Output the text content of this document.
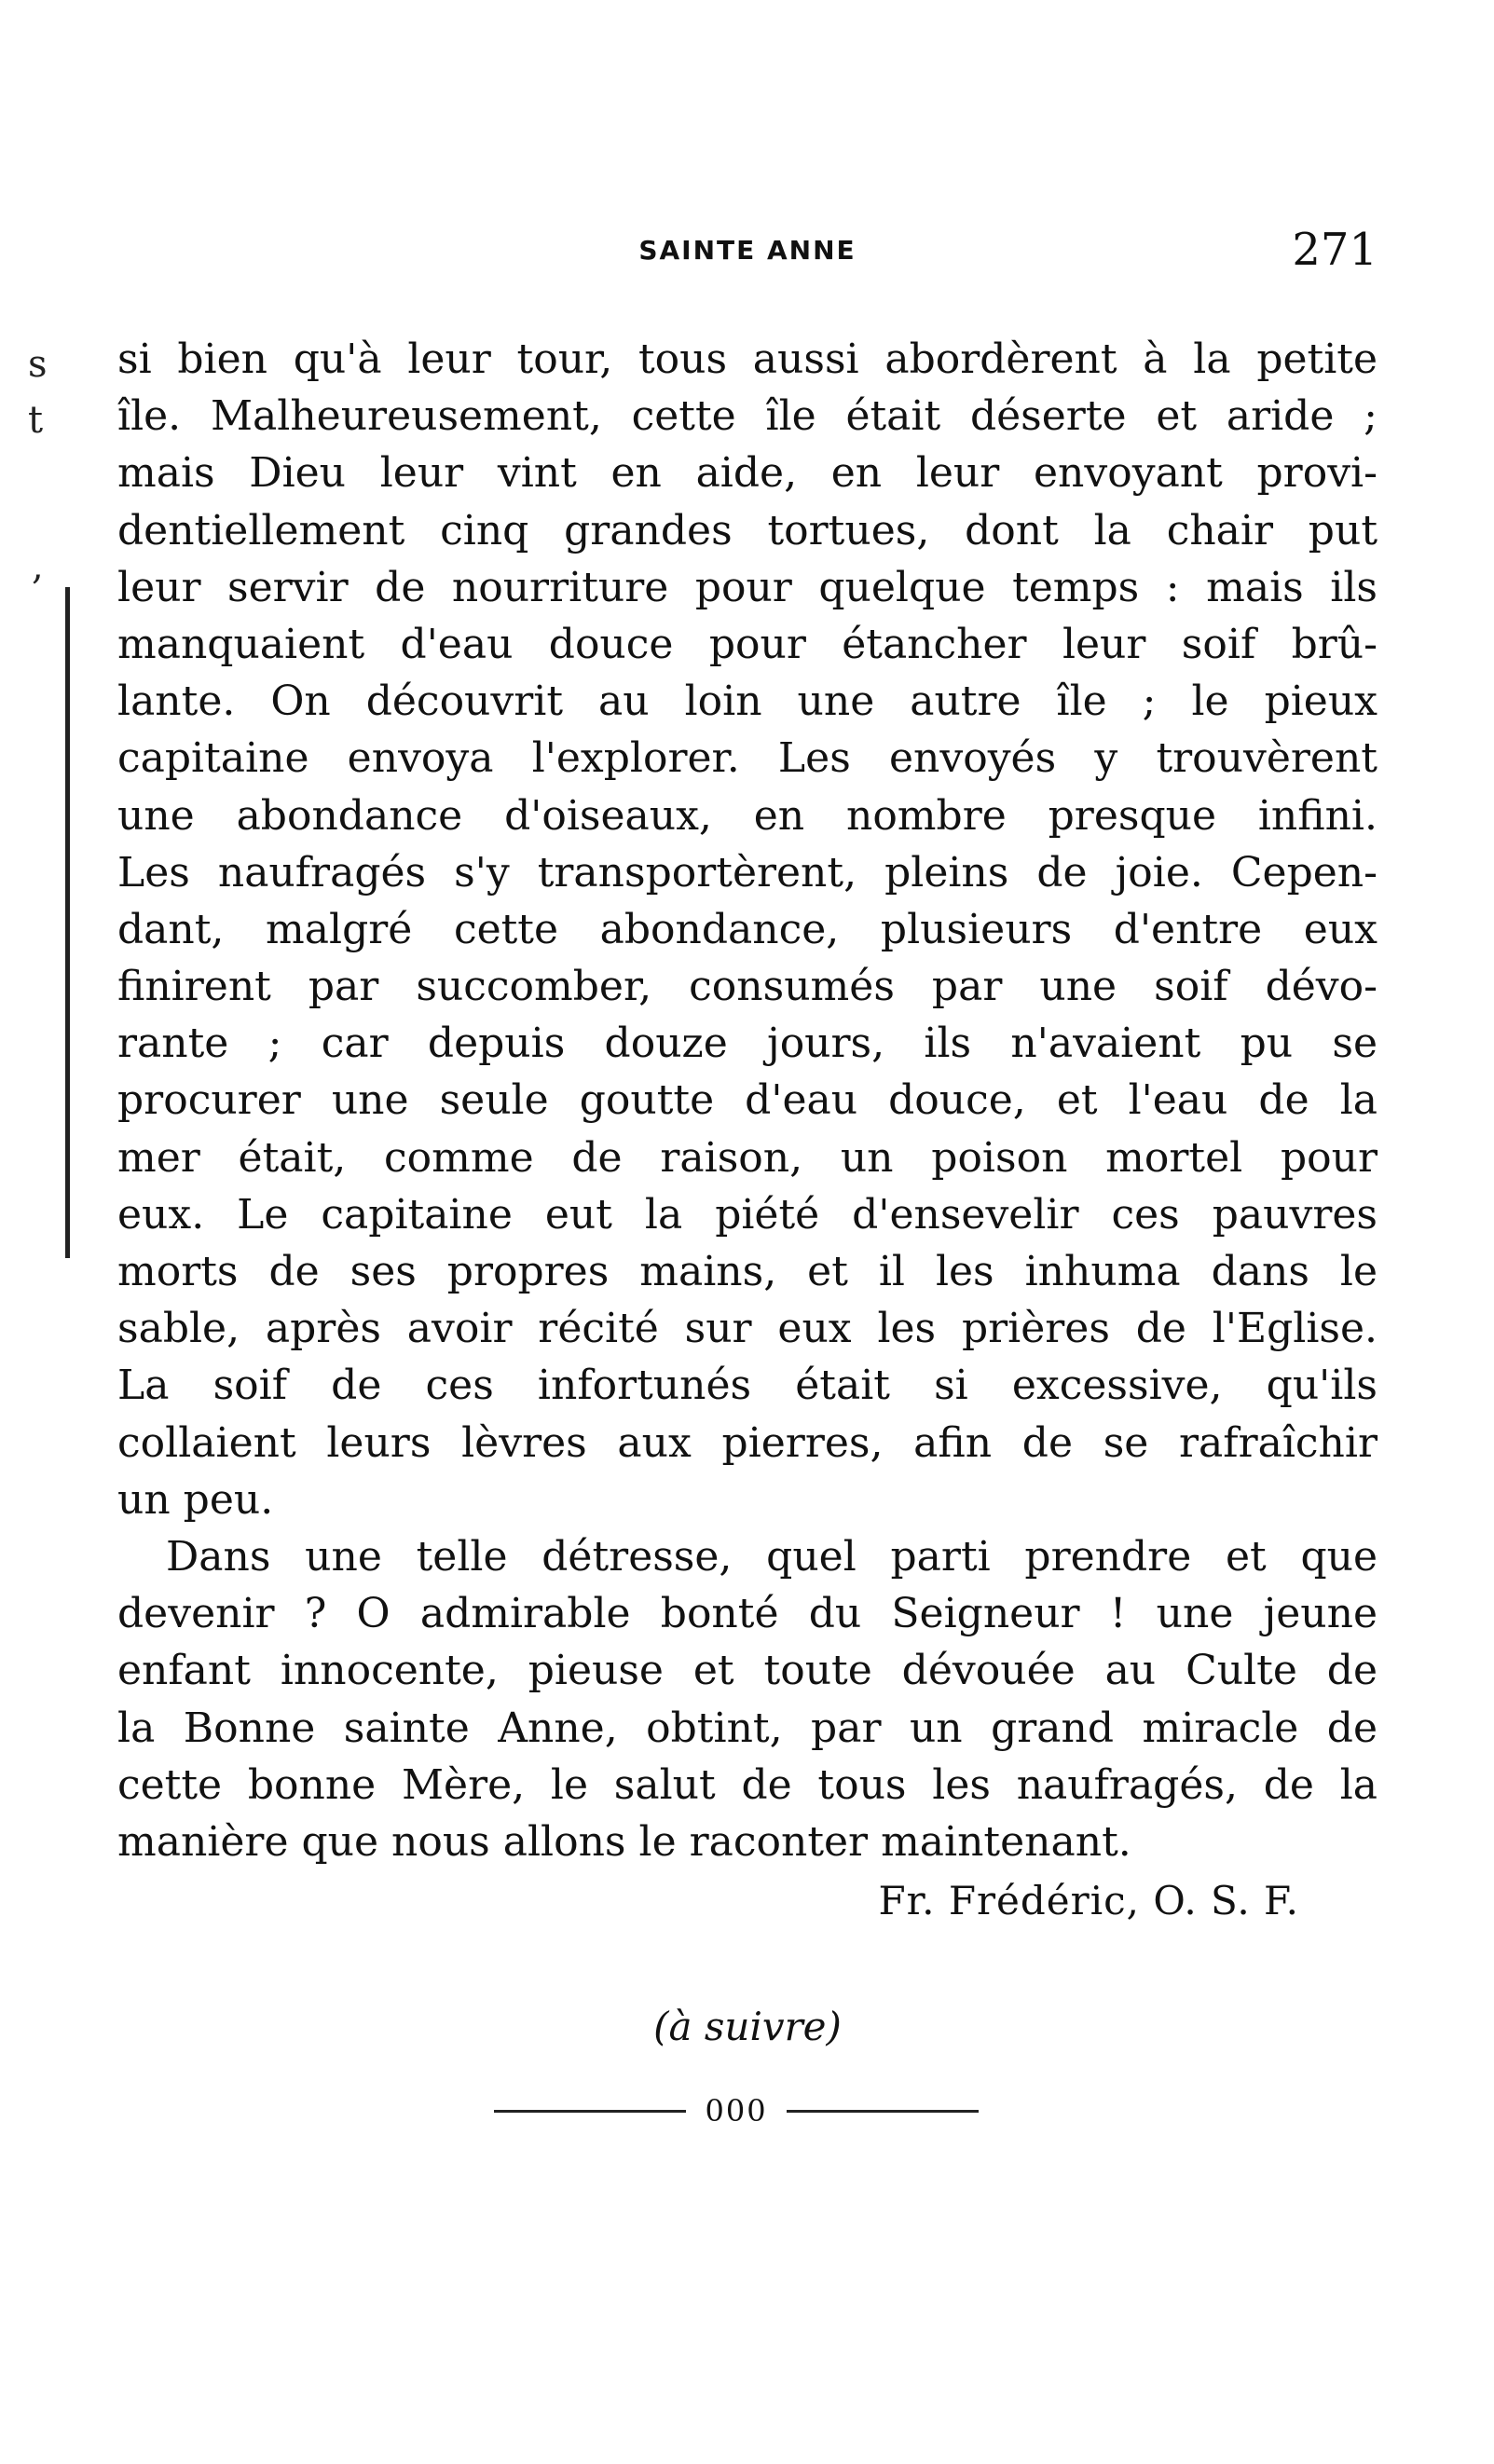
s
t
,
SAINTE ANNE	271
si bien qu'à leur tour, tous aussi abordèrent à la petite
île. Malheureusement, cette île était déserte et aride ;
mais Dieu leur vint en aide, en leur envoyant provi-
dentiellement cinq grandes tortues, dont la chair put
leur servir de nourriture pour quelque temps : mais ils
manquaient d'eau douce pour étancher leur soif brû-
lante. On découvrit au loin une autre île ; le pieux
capitaine envoya l'explorer. Les envoyés y trouvèrent
une abondance d'oiseaux, en nombre presque infini.
Les naufragés s'y transportèrent, pleins de joie. Cepen-
dant, malgré cette abondance, plusieurs d'entre eux
finirent par succomber, consumés par une soif dévo-
rante ; car depuis douze jours, ils n'avaient pu se
procurer une seule goutte d'eau douce, et l'eau de la
mer était, comme de raison, un poison mortel pour
eux. Le capitaine eut la piété d'ensevelir ces pauvres
morts de ses propres mains, et il les inhuma dans le
sable, après avoir récité sur eux les prières de l'Eglise.
La soif de ces infortunés était si excessive, qu'ils
collaient leurs lèvres aux pierres, afin de se rafraîchir
un peu.
Dans une telle détresse, quel parti prendre et que
devenir ? O admirable bonté du Seigneur ! une jeune
enfant innocente, pieuse et toute dévouée au Culte de
la Bonne sainte Anne, obtint, par un grand miracle de
cette bonne Mère, le salut de tous les naufragés, de la
manière que nous allons le raconter maintenant.
Fr. Frédéric, O. S. F.
(à suivre)
000
